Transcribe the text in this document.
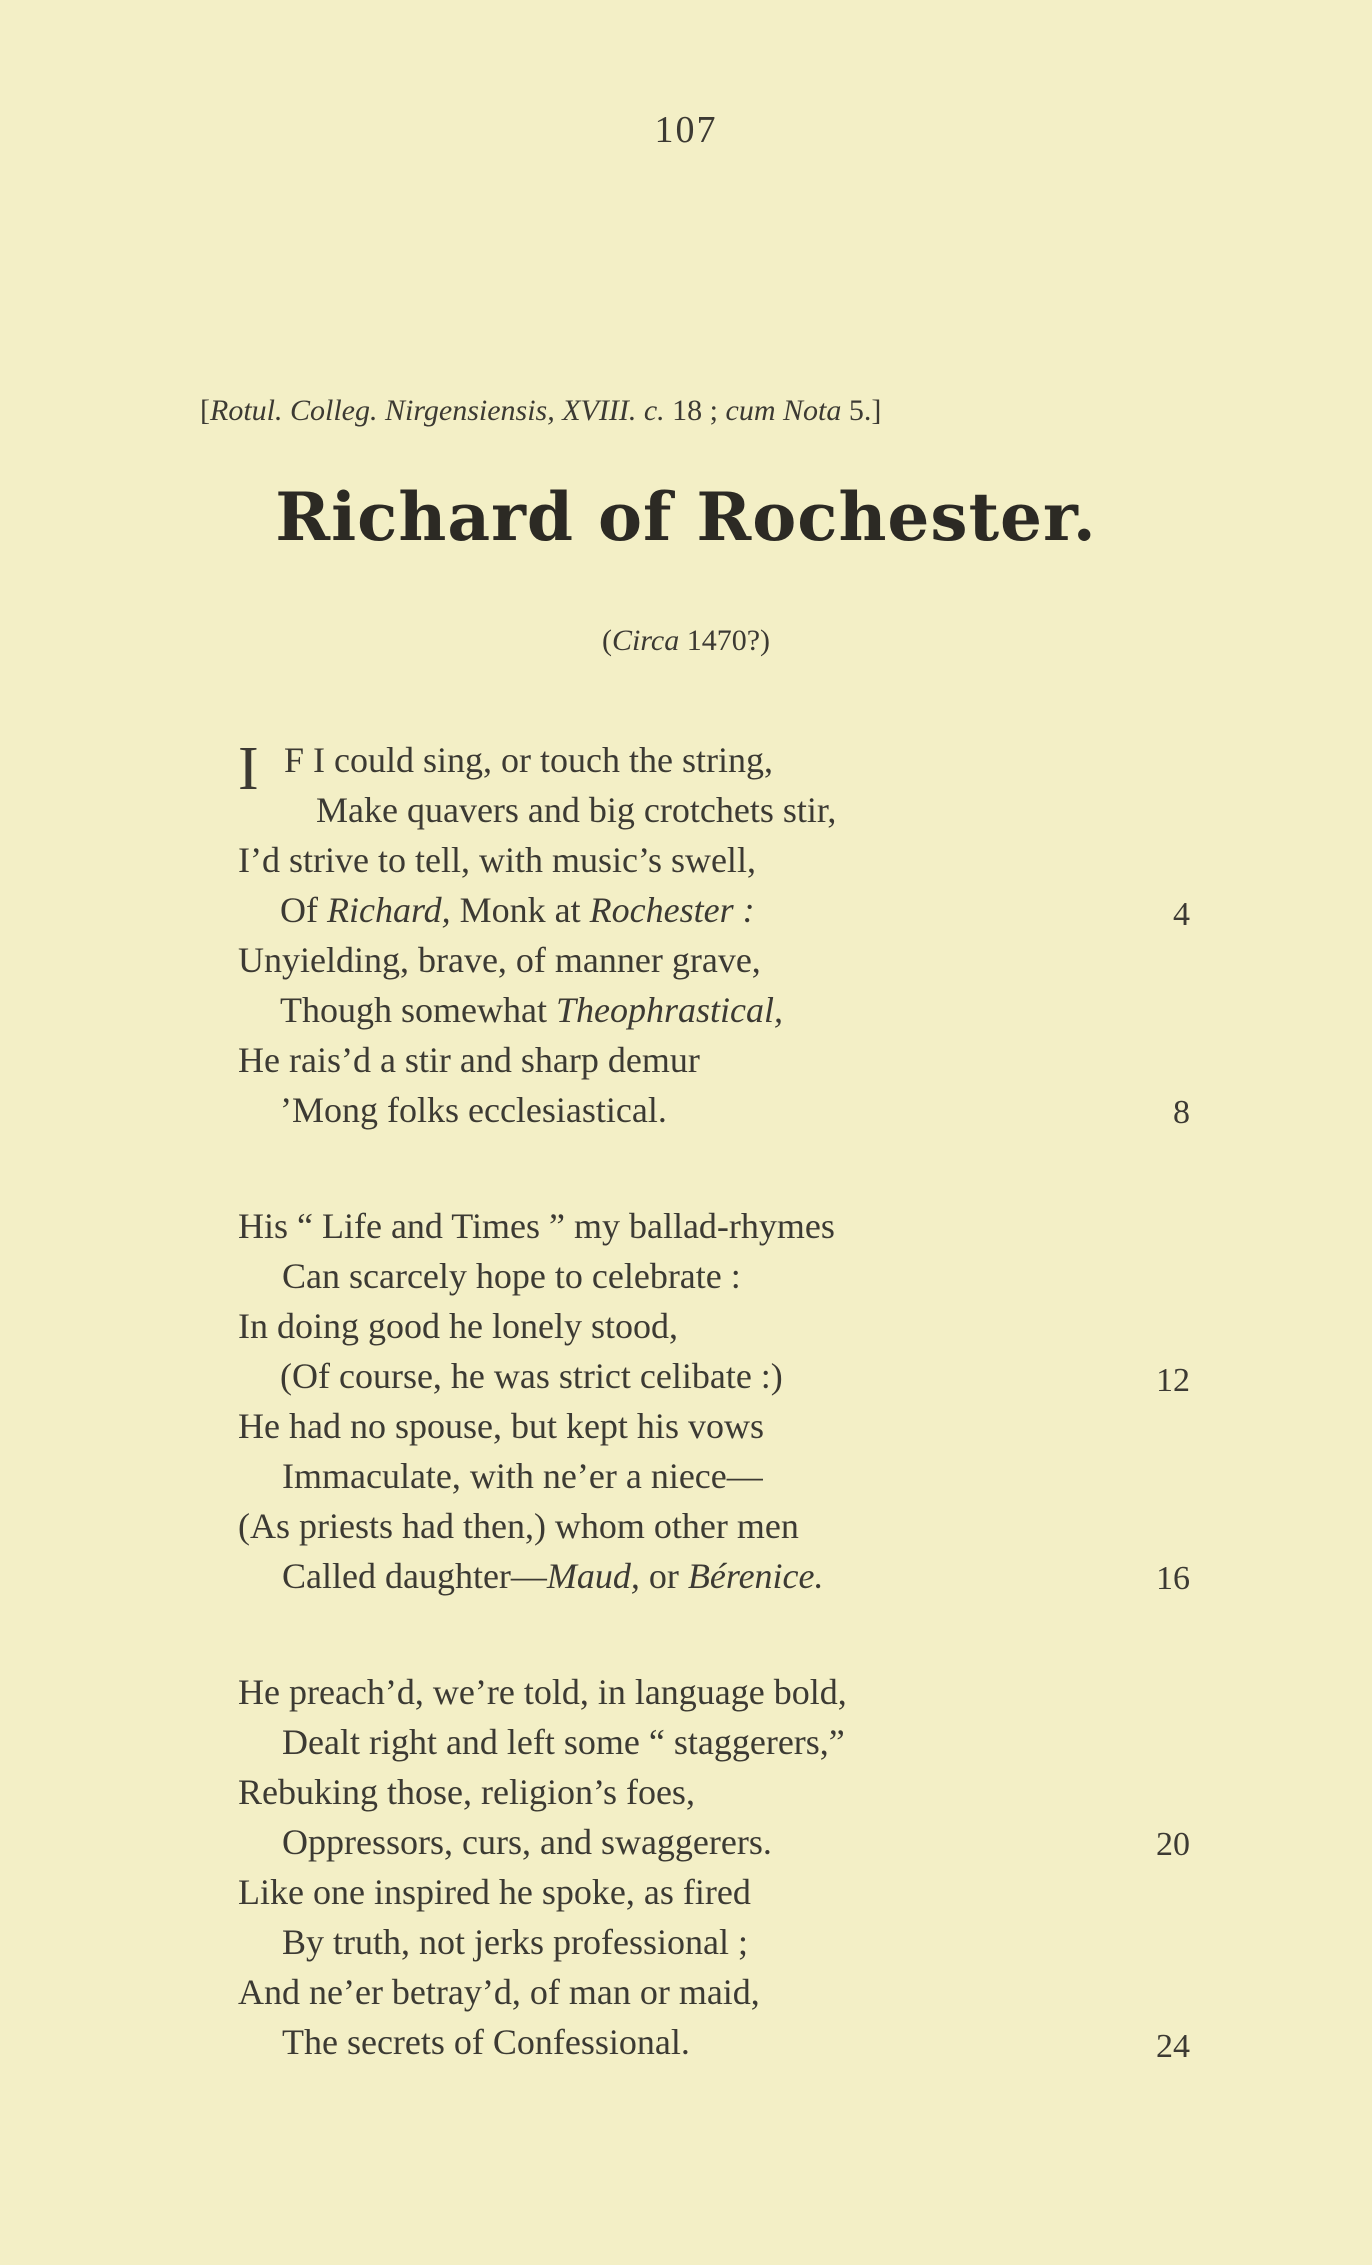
107
[Rotul. Colleg. Nirgensiensis, XVIII. c. 18 ; cum Nota 5.]
Richard of Rochester.
(Circa 1470?)
I F I could sing, or touch the string,
Make quavers and big crotchets stir,
I’d strive to tell, with music’s swell,
Of Richard, Monk at Rochester :	4
Unyielding, brave, of manner grave,
Though somewhat Theophrastical,
He rais’d a stir and sharp demur
’Mong folks ecclesiastical.	8
His “ Life and Times ” my ballad-rhymes
Can scarcely hope to celebrate :
In doing good he lonely stood,
(Of course, he was strict celibate :)	12
He had no spouse, but kept his vows
Immaculate, with ne’er a niece—
(As priests had then,) whom other men
Called daughter—Maud, or Bérenice.	16
He preach’d, we’re told, in language bold,
Dealt right and left some “ staggerers,”
Rebuking those, religion’s foes,
Oppressors, curs, and swaggerers.	20
Like one inspired he spoke, as fired
By truth, not jerks professional ;
And ne’er betray’d, of man or maid,
The secrets of Confessional.	24
